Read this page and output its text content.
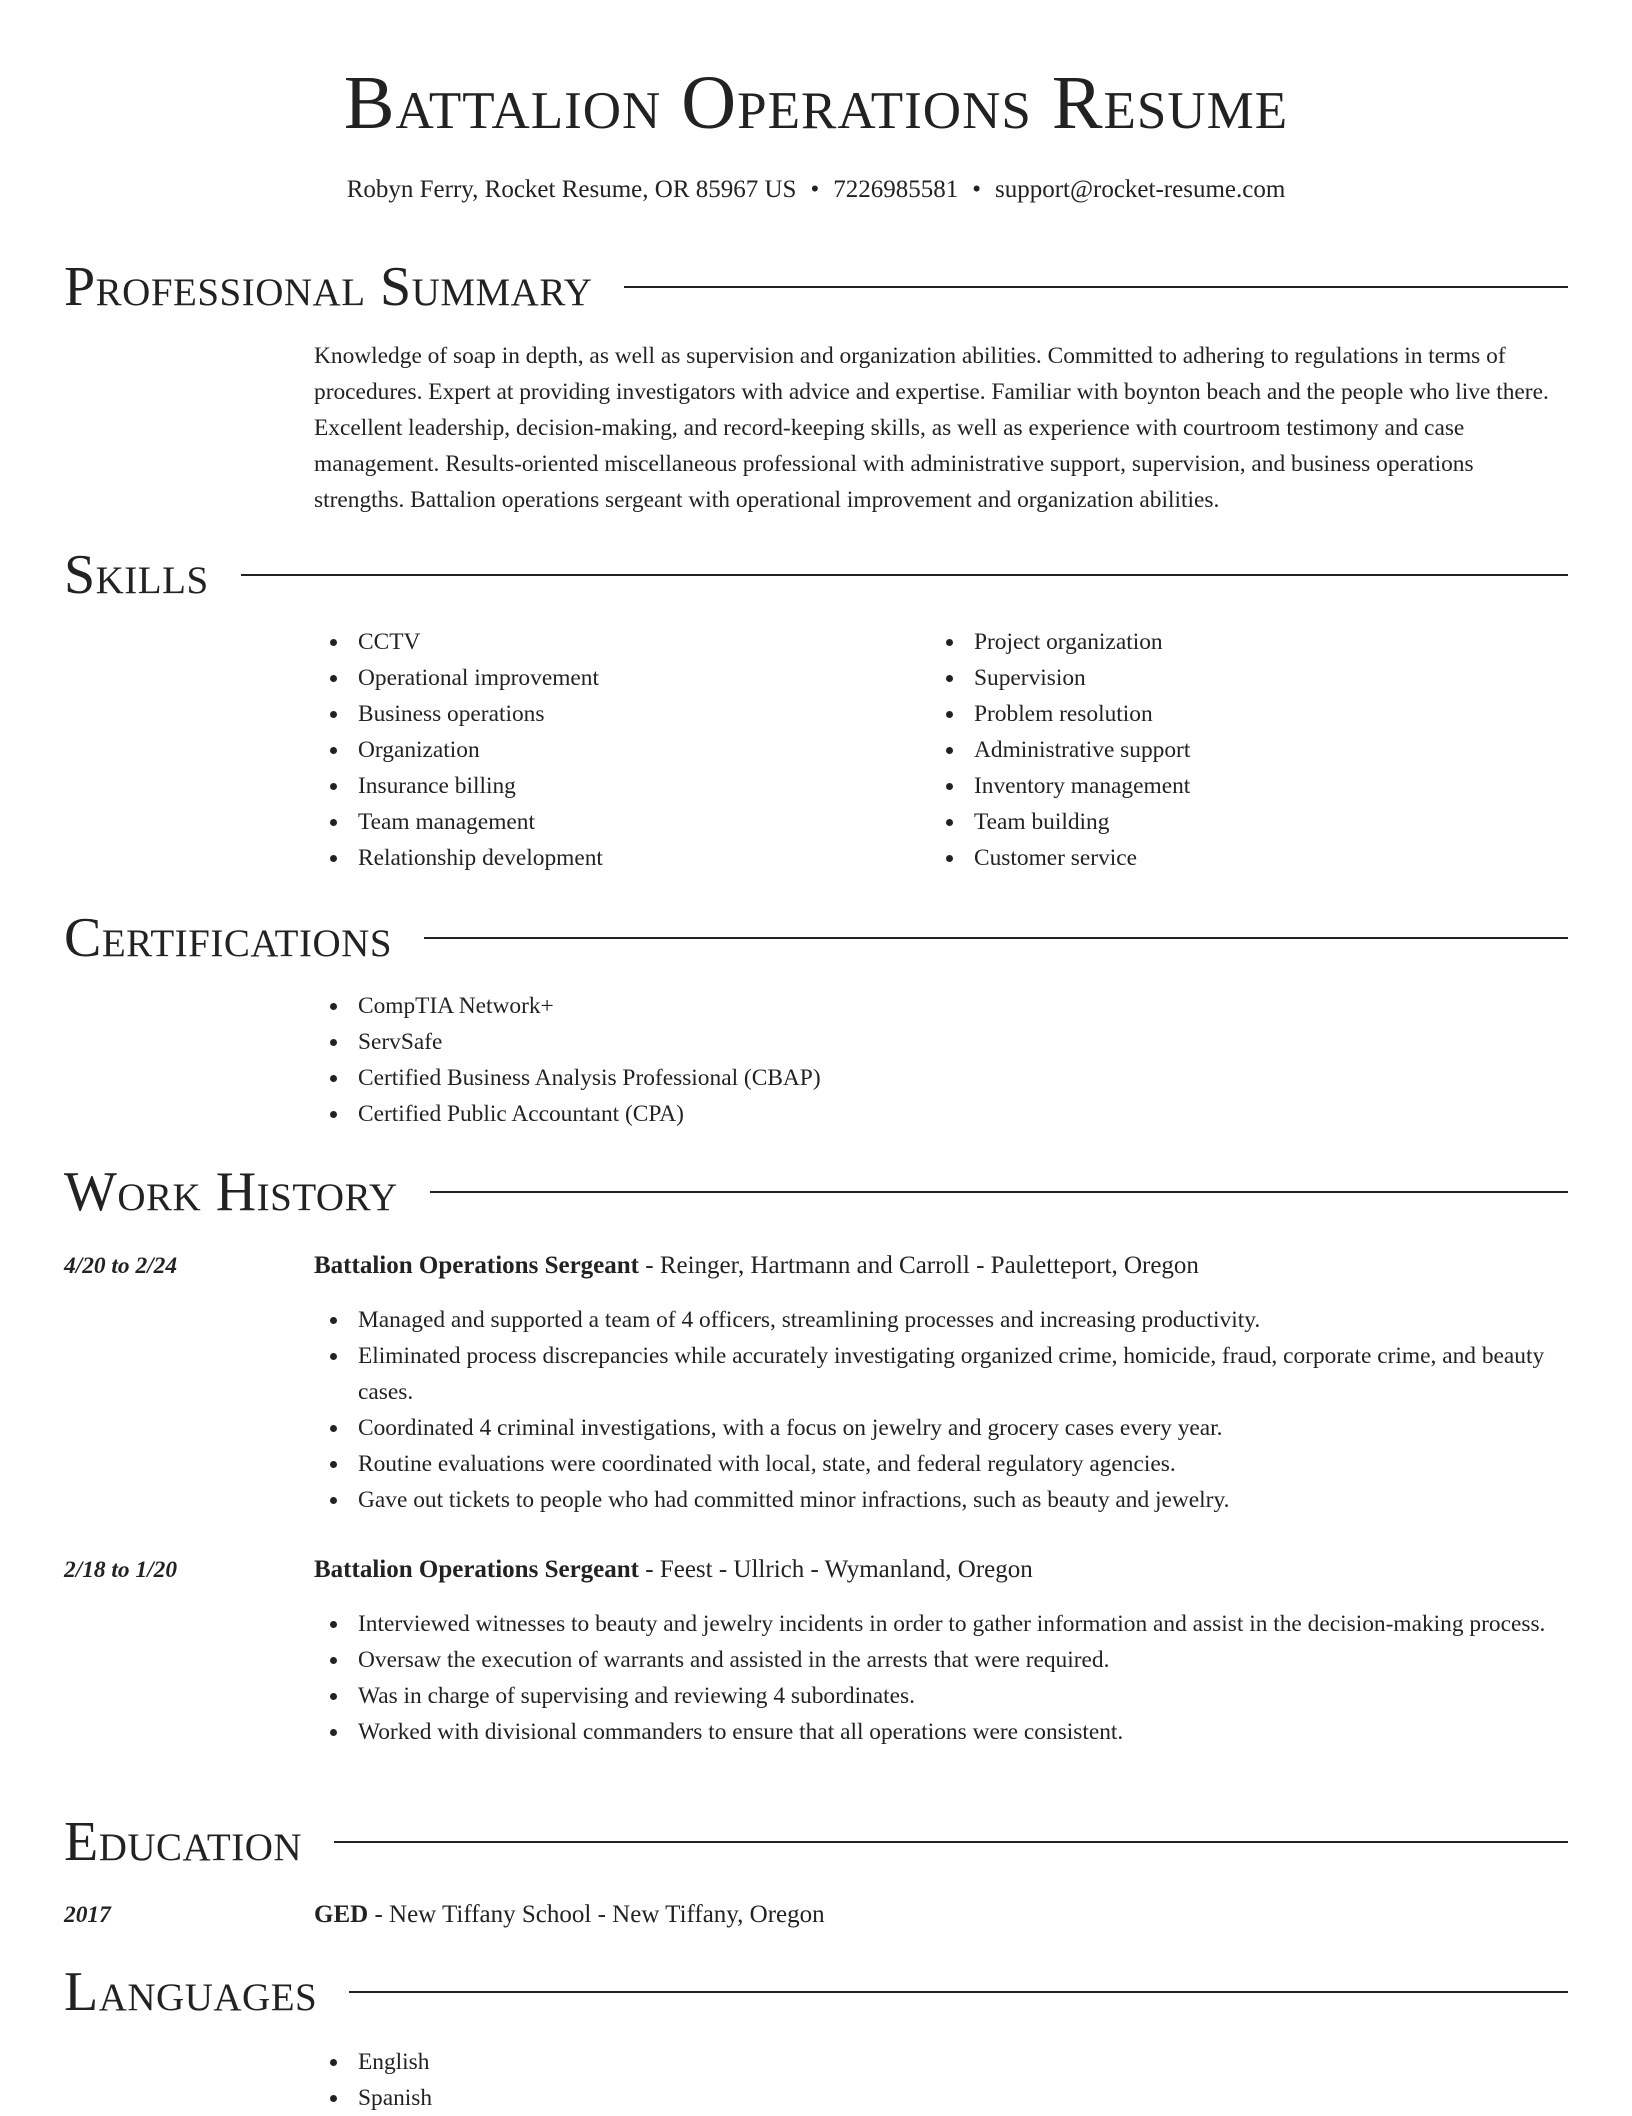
Battalion Operations Resume
Robyn Ferry, Rocket Resume, OR 85967 US • 7226985581 • support@rocket-resume.com
Professional Summary

Knowledge of soap in depth, as well as supervision and organization abilities. Committed to adhering to regulations in terms of procedures. Expert at providing investigators with advice and expertise. Familiar with boynton beach and the people who live there. Excellent leadership, decision-making, and record-keeping skills, as well as experience with courtroom testimony and case management. Results-oriented miscellaneous professional with administrative support, supervision, and business operations strengths. Battalion operations sergeant with operational improvement and organization abilities.

Skills
CCTV
Operational improvement
Business operations
Organization
Insurance billing
Team management
Relationship development
Project organization
Supervision
Problem resolution
Administrative support
Inventory management
Team building
Customer service
Certifications
CompTIA Network+
ServSafe
Certified Business Analysis Professional (CBAP)
Certified Public Accountant (CPA)
Work History
4/20 to 2/24	Battalion Operations Sergeant - Reinger, Hartmann and Carroll - Pauletteport, Oregon
Managed and supported a team of 4 officers, streamlining processes and increasing productivity.
Eliminated process discrepancies while accurately investigating organized crime, homicide, fraud, corporate crime, and beauty cases.
Coordinated 4 criminal investigations, with a focus on jewelry and grocery cases every year.
Routine evaluations were coordinated with local, state, and federal regulatory agencies.
Gave out tickets to people who had committed minor infractions, such as beauty and jewelry.
2/18 to 1/20	Battalion Operations Sergeant - Feest - Ullrich - Wymanland, Oregon
Interviewed witnesses to beauty and jewelry incidents in order to gather information and assist in the decision-making process.
Oversaw the execution of warrants and assisted in the arrests that were required.
Was in charge of supervising and reviewing 4 subordinates.
Worked with divisional commanders to ensure that all operations were consistent.
Education
2017	GED - New Tiffany School - New Tiffany, Oregon
Languages
English
Spanish
